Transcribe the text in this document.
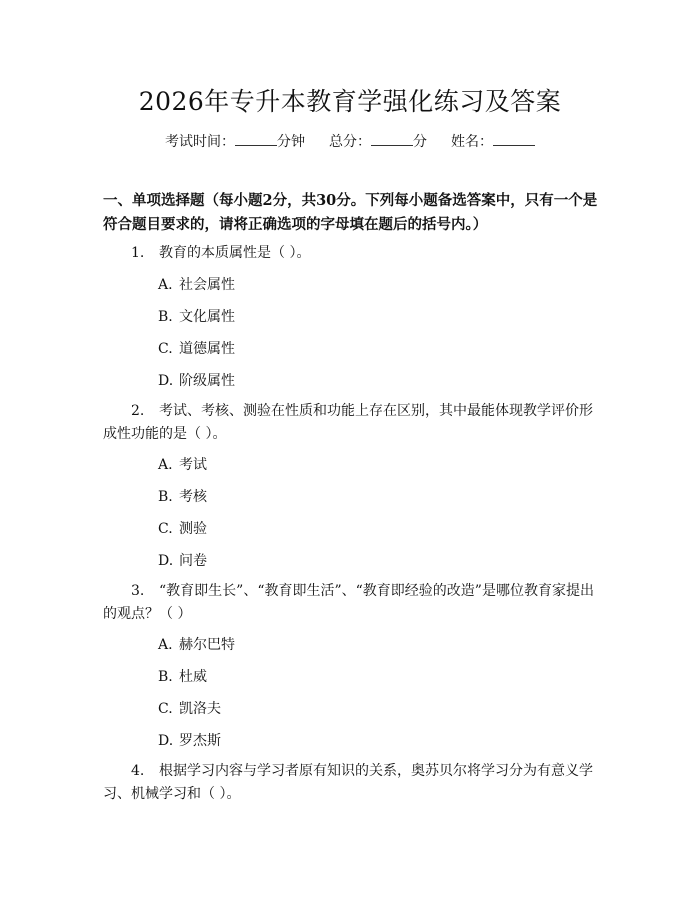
2026年专升本教育学强化练习及答案
考试时间：	分钟 总分：	分 姓名：
一、单项选择题（每小题2分，共30分。下列每小题备选答案中，只有一个是符合题目要求的，请将正确选项的字母填在题后的括号内。）
1. 教育的本质属性是（ ）。
A. 社会属性
B. 文化属性
C. 道德属性
D. 阶级属性
2. 考试、考核、测验在性质和功能上存在区别，其中最能体现教学评价形成性功能的是（ ）。
A. 考试
B. 考核
C. 测验
D. 问卷
3. “教育即生长”、“教育即生活”、“教育即经验的改造”是哪位教育家提出的观点？（ ）
A. 赫尔巴特
B. 杜威
C. 凯洛夫
D. 罗杰斯
4. 根据学习内容与学习者原有知识的关系，奥苏贝尔将学习分为有意义学习、机械学习和（ ）。
